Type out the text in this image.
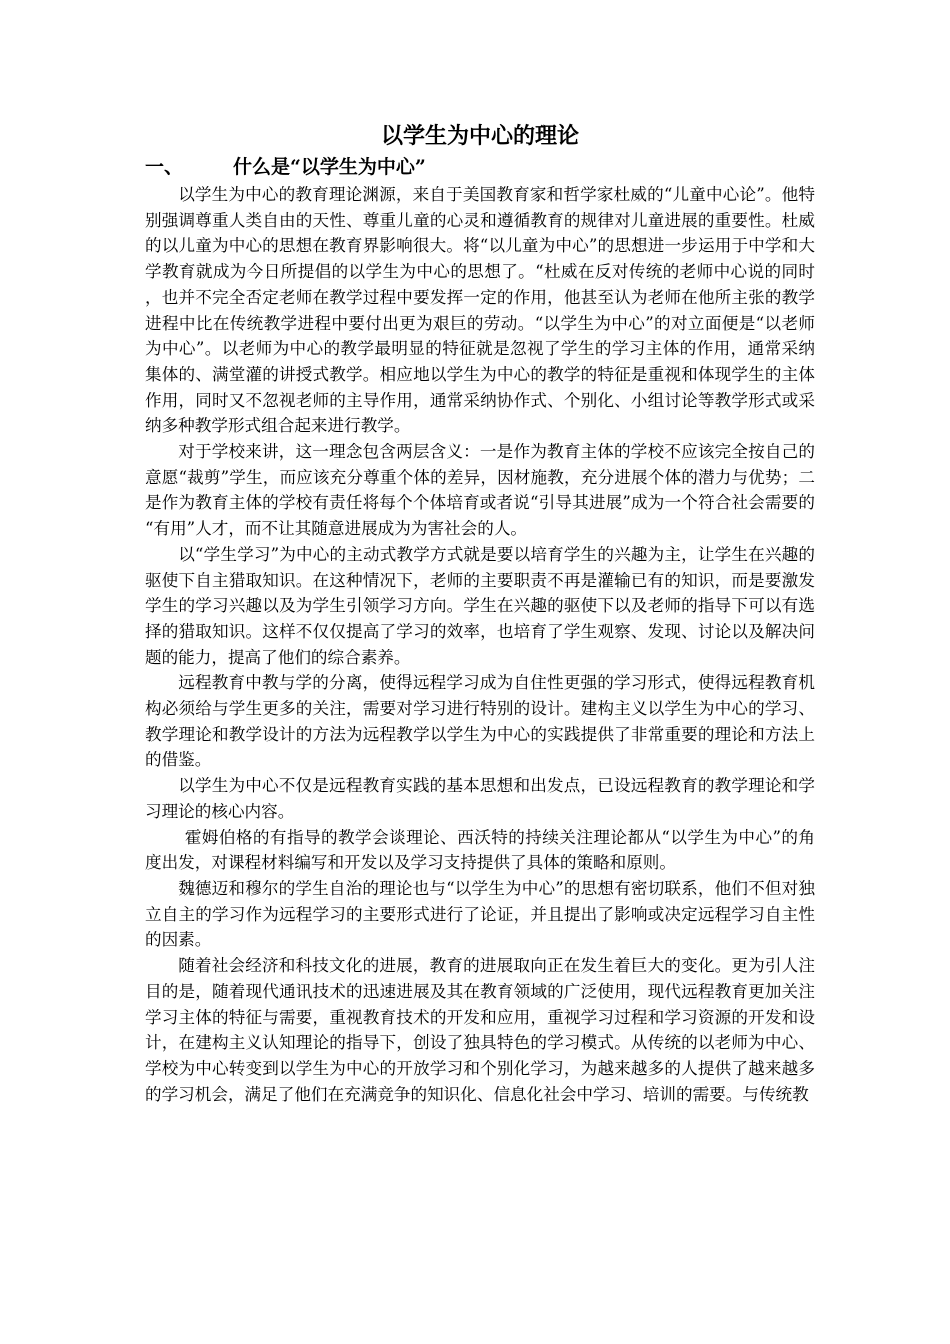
以学生为中心的理论
一、	什么是“以学生为中心”

以学生为中心的教育理论渊源，来自于美国教育家和哲学家杜威的“儿童中心论”。他特别强调尊重人类自由的天性、尊重儿童的心灵和遵循教育的规律对儿童进展的重要性。杜威的以儿童为中心的思想在教育界影响很大。将“以儿童为中心”的思想进一步运用于中学和大学教育就成为今日所提倡的以学生为中心的思想了。“杜威在反对传统的老师中心说的同时，也并不完全否定老师在教学过程中要发挥一定的作用，他甚至认为老师在他所主张的教学进程中比在传统教学进程中要付出更为艰巨的劳动。“以学生为中心”的对立面便是“以老师为中心”。以老师为中心的教学最明显的特征就是忽视了学生的学习主体的作用，通常采纳集体的、满堂灌的讲授式教学。相应地以学生为中心的教学的特征是重视和体现学生的主体作用，同时又不忽视老师的主导作用，通常采纳协作式、个别化、小组讨论等教学形式或采纳多种教学形式组合起来进行教学。

对于学校来讲，这一理念包含两层含义：一是作为教育主体的学校不应该完全按自己的意愿“裁剪”学生，而应该充分尊重个体的差异，因材施教，充分进展个体的潜力与优势；二是作为教育主体的学校有责任将每个个体培育或者说“引导其进展”成为一个符合社会需要的“有用”人才，而不让其随意进展成为为害社会的人。

以“学生学习”为中心的主动式教学方式就是要以培育学生的兴趣为主，让学生在兴趣的驱使下自主猎取知识。在这种情况下，老师的主要职责不再是灌输已有的知识，而是要激发学生的学习兴趣以及为学生引领学习方向。学生在兴趣的驱使下以及老师的指导下可以有选择的猎取知识。这样不仅仅提高了学习的效率，也培育了学生观察、发现、讨论以及解决问题的能力，提高了他们的综合素养。

远程教育中教与学的分离，使得远程学习成为自住性更强的学习形式，使得远程教育机构必须给与学生更多的关注，需要对学习进行特别的设计。建构主义以学生为中心的学习、教学理论和教学设计的方法为远程教学以学生为中心的实践提供了非常重要的理论和方法上的借鉴。

以学生为中心不仅是远程教育实践的基本思想和出发点，已设远程教育的教学理论和学习理论的核心内容。

霍姆伯格的有指导的教学会谈理论、西沃特的持续关注理论都从“以学生为中心”的角度出发，对课程材料编写和开发以及学习支持提供了具体的策略和原则。

魏德迈和穆尔的学生自治的理论也与“以学生为中心”的思想有密切联系，他们不但对独立自主的学习作为远程学习的主要形式进行了论证，并且提出了影响或决定远程学习自主性的因素。

随着社会经济和科技文化的进展，教育的进展取向正在发生着巨大的变化。更为引人注目的是，随着现代通讯技术的迅速进展及其在教育领域的广泛使用，现代远程教育更加关注学习主体的特征与需要，重视教育技术的开发和应用，重视学习过程和学习资源的开发和设计，在建构主义认知理论的指导下，创设了独具特色的学习模式。从传统的以老师为中心、学校为中心转变到以学生为中心的开放学习和个别化学习，为越来越多的人提供了越来越多的学习机会，满足了他们在充满竞争的知识化、信息化社会中学习、培训的需要。与传统教
